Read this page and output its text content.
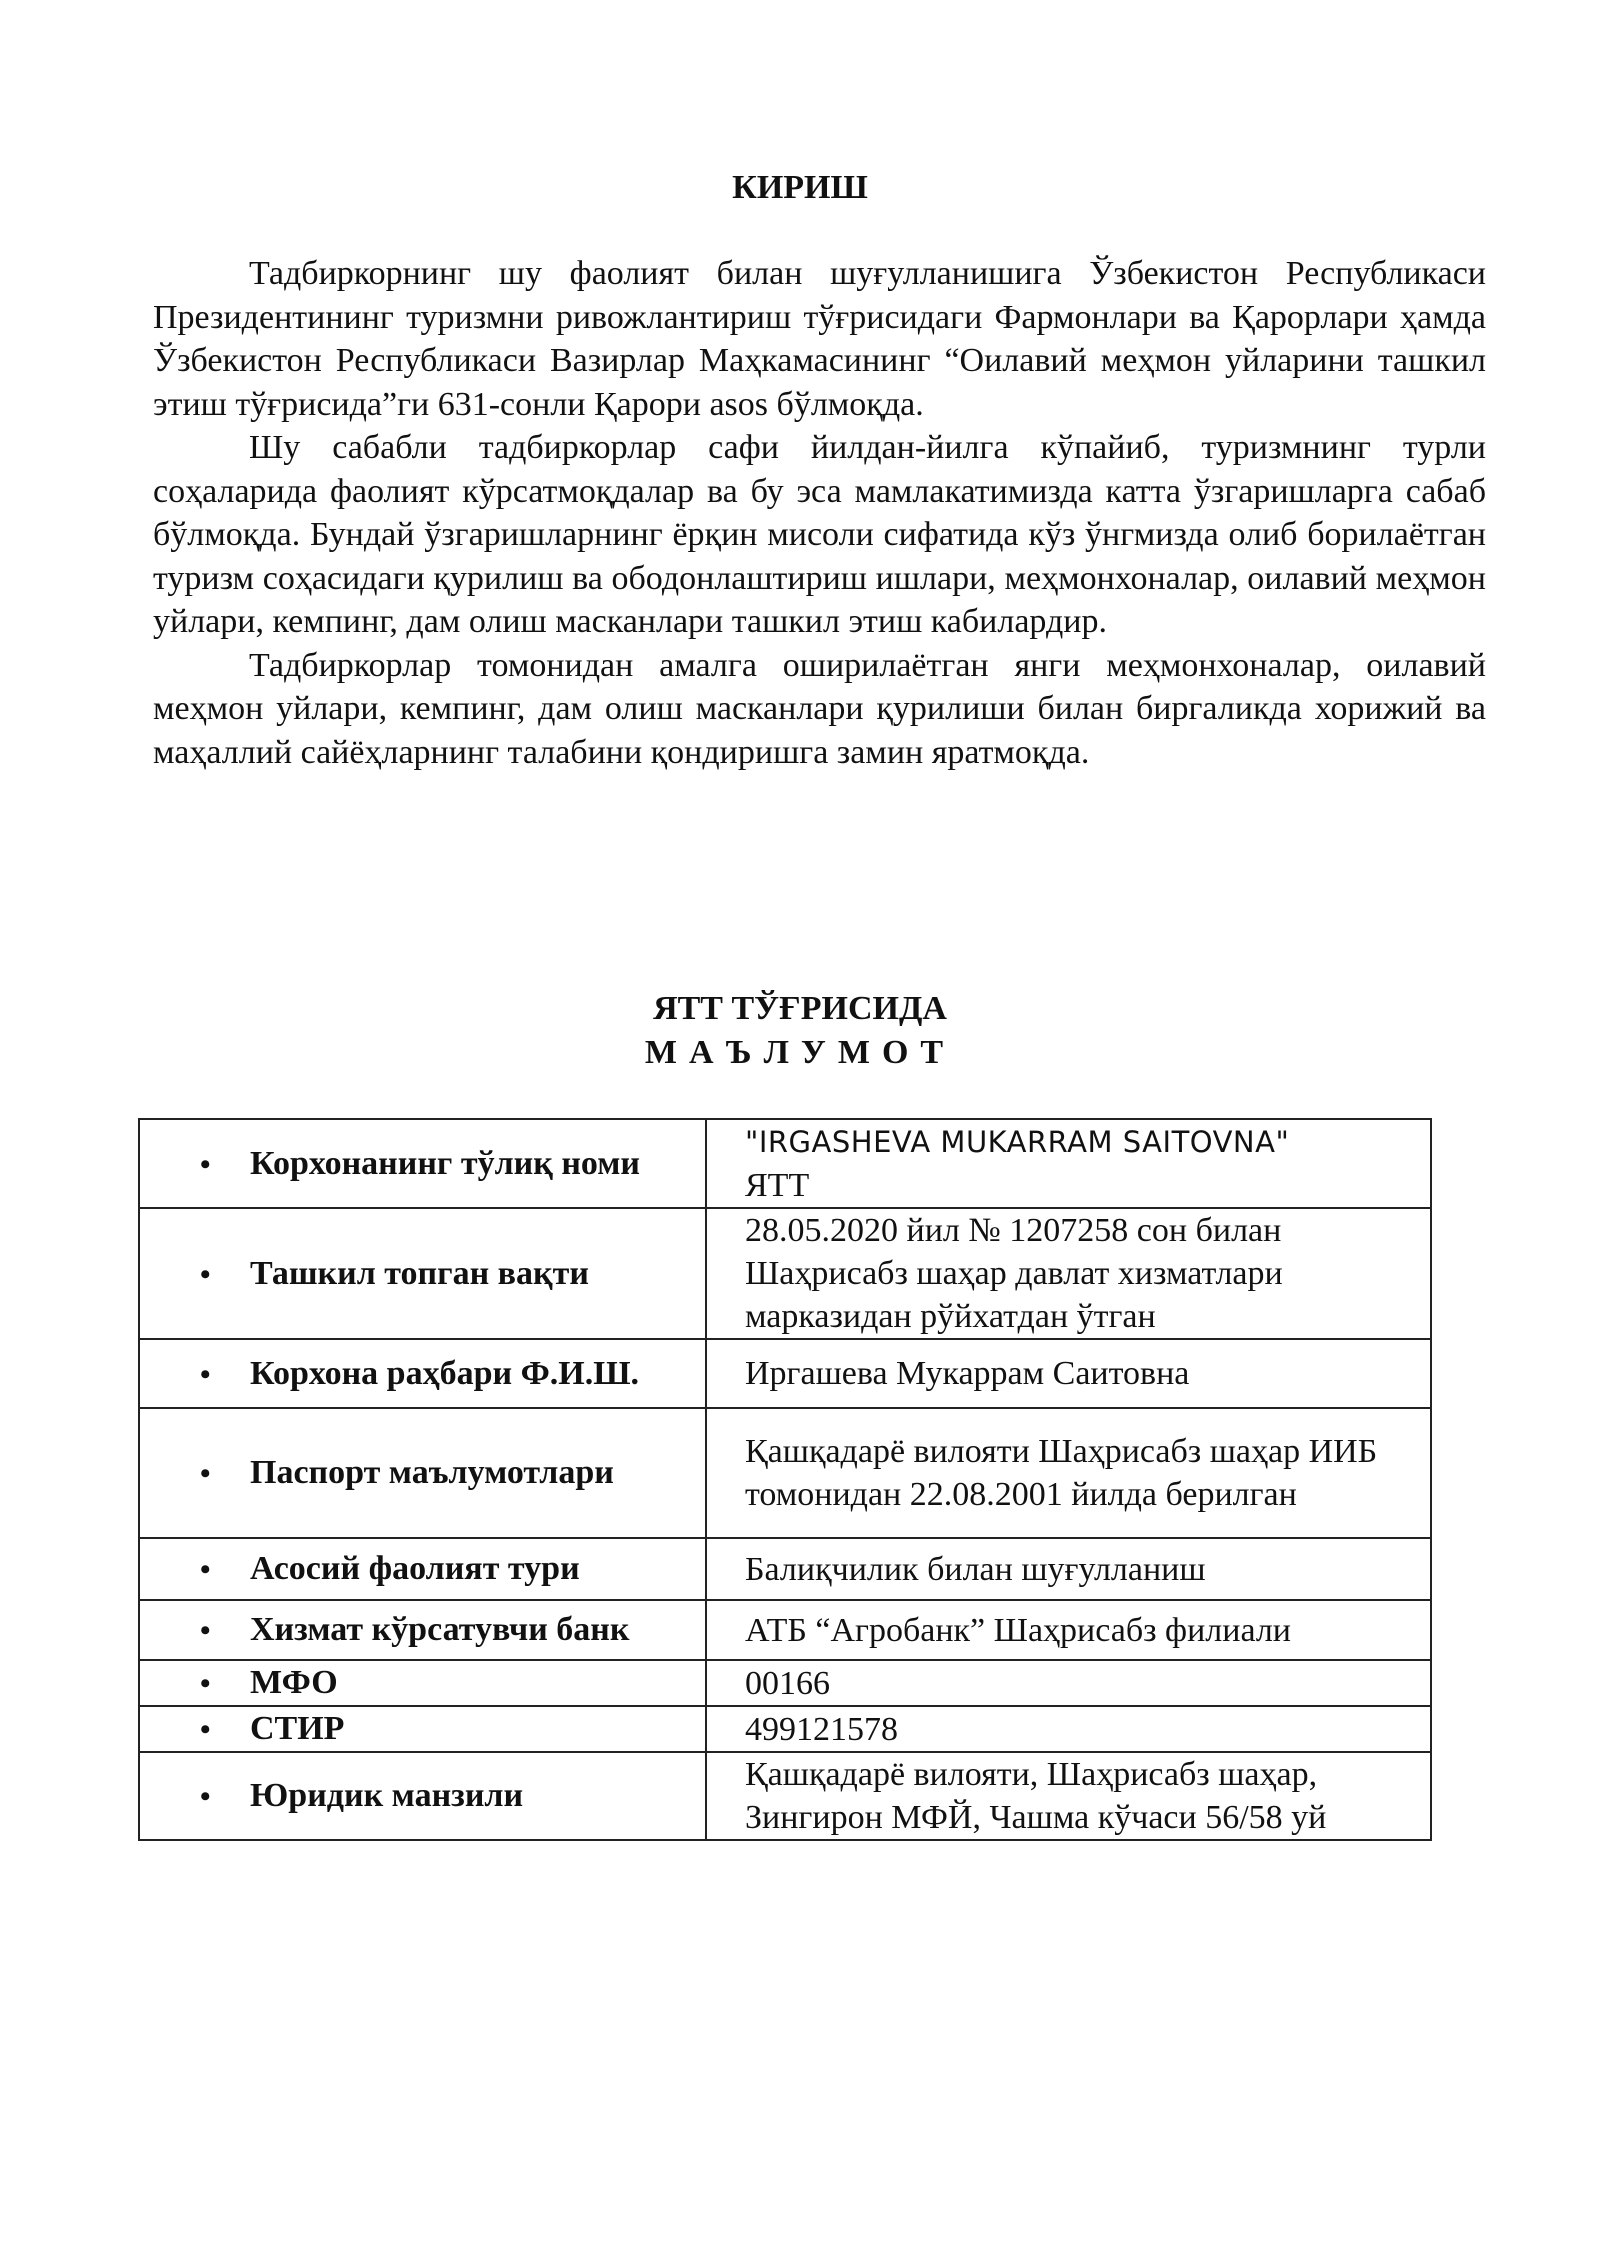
КИРИШ

Тадбиркорнинг шу фаолият билан шуғулланишига Ўзбекистон Республикаси Президентининг туризмни ривожлантириш тўғрисидаги Фармонлари ва Қарорлари ҳамда Ўзбекистон Республикаси Вазирлар Маҳкамасининг “Оилавий меҳмон уйларини ташкил этиш тўғрисида”ги 631-сонли Қарори asos бўлмоқда.

Шу сабабли тадбиркорлар сафи йилдан-йилга кўпайиб, туризмнинг турли соҳаларида фаолият кўрсатмоқдалар ва бу эса мамлакатимизда катта ўзгаришларга сабаб бўлмоқда. Бундай ўзгаришларнинг ёрқин мисоли сифатида кўз ўнгмизда олиб борилаётган туризм соҳасидаги қурилиш ва ободонлаштириш ишлари, меҳмонхоналар, оилавий меҳмон уйлари, кемпинг, дам олиш масканлари ташкил этиш кабилардир.

Тадбиркорлар томонидан амалга оширилаётган янги меҳмонхоналар, оилавий меҳмон уйлари, кемпинг, дам олиш масканлари қурилиши билан биргаликда хорижий ва маҳаллий сайёҳларнинг талабини қондиришга замин яратмоқда.

ЯТТ ТЎҒРИСИДА
МАЪЛУМОТ
• Корхонанинг тўлиқ номи	"IRGASHEVA MUKARRAM SAITOVNA"
ЯТТ
• Ташкил топган вақти	28.05.2020 йил № 1207258 сон билан Шаҳрисабз шаҳар давлат хизматлари марказидан рўйхатдан ўтган
• Корхона раҳбари Ф.И.Ш.	Иргашева Мукаррам Саитовна
• Паспорт маълумотлари	Қашқадарё вилояти Шаҳрисабз шаҳар ИИБ томонидан 22.08.2001 йилда берилган
• Асосий фаолият тури	Балиқчилик билан шуғулланиш
• Хизмат кўрсатувчи банк	АТБ “Агробанк” Шаҳрисабз филиали
• МФО	00166
• СТИР	499121578
• Юридик манзили	Қашқадарё вилояти, Шаҳрисабз шаҳар, Зингирон МФЙ, Чашма кўчаси 56/58 уй
